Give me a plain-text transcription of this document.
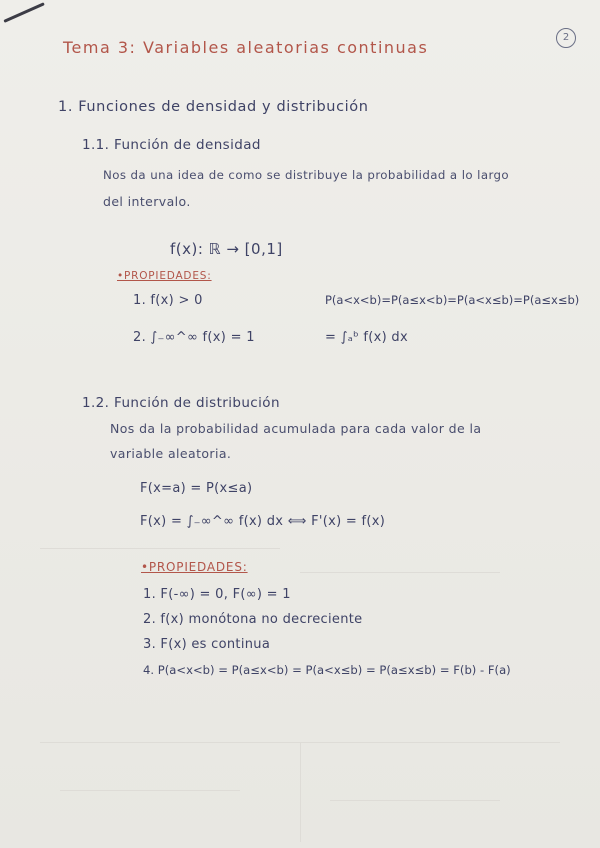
Tema 3: Variables aleatorias continuas
2
1. Funciones de densidad y distribución
1.1. Función de densidad
Nos da una idea de como se distribuye la probabilidad a lo largo
del intervalo.
f(x): ℝ → [0,1]
•PROPIEDADES:
1. f(x) > 0
2. ∫₋∞^∞ f(x) = 1
P(a<x<b)=P(a≤x<b)=P(a<x≤b)=P(a≤x≤b)
= ∫ₐᵇ f(x) dx
1.2. Función de distribución
Nos da la probabilidad acumulada para cada valor de la
variable aleatoria.
F(x=a) = P(x≤a)
F(x) = ∫₋∞^∞ f(x) dx ⟺ F'(x) = f(x)
•PROPIEDADES:
1. F(-∞) = 0, F(∞) = 1
2. f(x) monótona no decreciente
3. F(x) es continua
4. P(a<x<b) = P(a≤x<b) = P(a<x≤b) = P(a≤x≤b) = F(b) - F(a)
